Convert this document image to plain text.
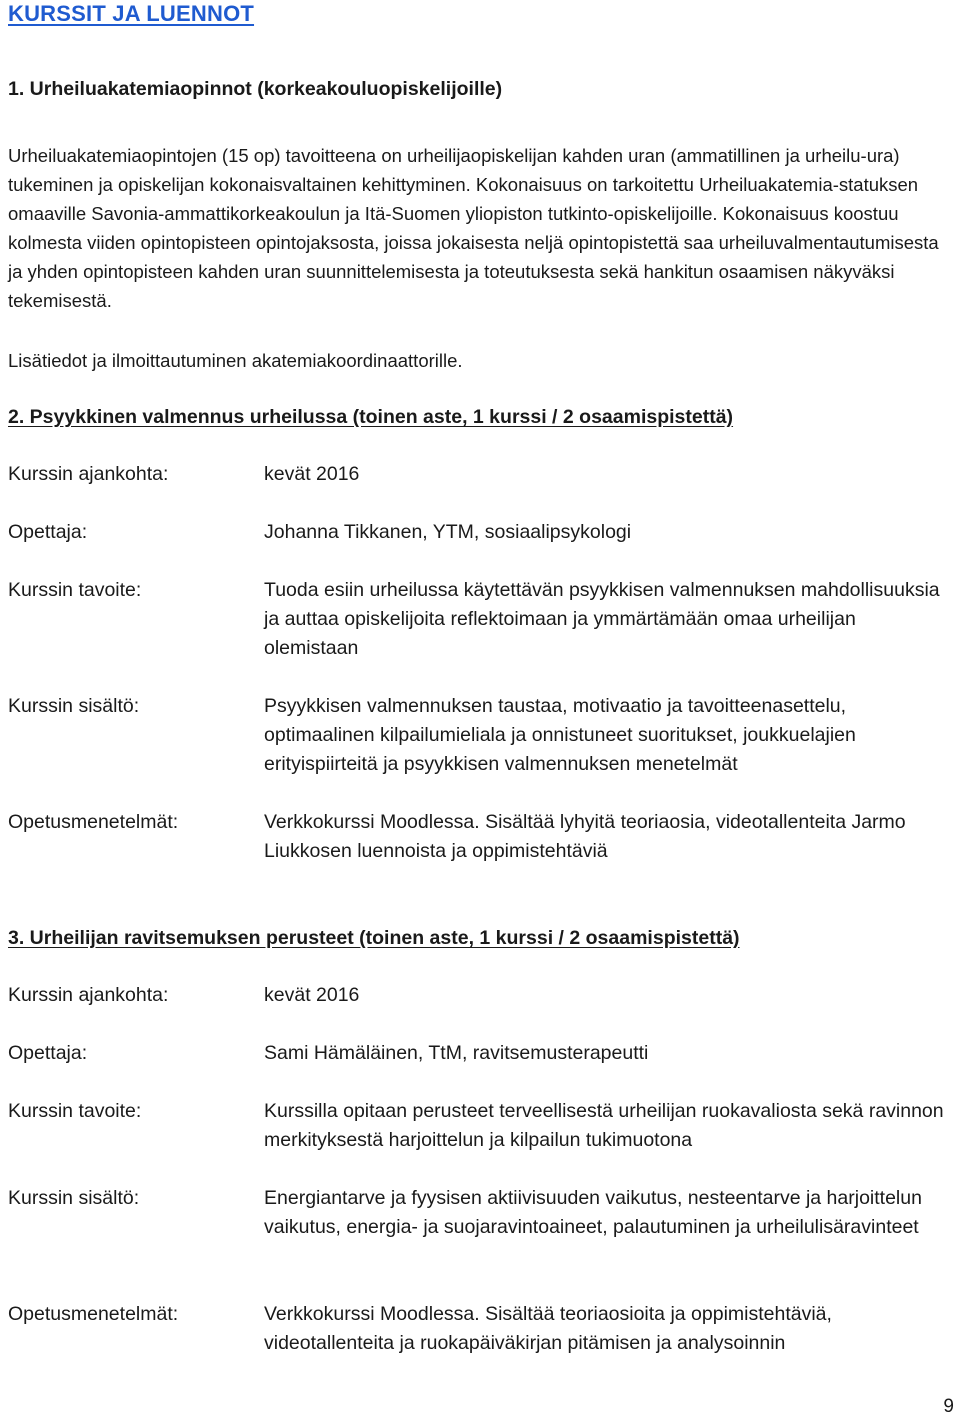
KURSSIT JA LUENNOT
1. Urheiluakatemiaopinnot (korkeakouluopiskelijoille)

Urheiluakatemiaopintojen (15 op) tavoitteena on urheilijaopiskelijan kahden uran (ammatillinen ja urheilu-ura) tukeminen ja opiskelijan kokonaisvaltainen kehittyminen. Kokonaisuus on tarkoitettu Urheiluakatemia-statuksen omaaville Savonia-ammattikorkeakoulun ja Itä-Suomen yliopiston tutkinto-opiskelijoille. Kokonaisuus koostuu kolmesta viiden opintopisteen opintojaksosta, joissa jokaisesta neljä opintopistettä saa urheiluvalmentautumisesta ja yhden opintopisteen kahden uran suunnittelemisesta ja toteutuksesta sekä hankitun osaamisen näkyväksi tekemisestä.

Lisätiedot ja ilmoittautuminen akatemiakoordinaattorille.

2. Psyykkinen valmennus urheilussa (toinen aste, 1 kurssi / 2 osaamispistettä)
Kurssin ajankohta:	kevät 2016
Opettaja:	Johanna Tikkanen, YTM, sosiaalipsykologi
Kurssin tavoite:	Tuoda esiin urheilussa käytettävän psyykkisen valmennuksen mahdollisuuksia ja auttaa opiskelijoita reflektoimaan ja ymmärtämään omaa urheilijan olemistaan
Kurssin sisältö:	Psyykkisen valmennuksen taustaa, motivaatio ja tavoitteenasettelu, optimaalinen kilpailumieliala ja onnistuneet suoritukset, joukkuelajien erityispiirteitä ja psyykkisen valmennuksen menetelmät
Opetusmenetelmät:	Verkkokurssi Moodlessa. Sisältää lyhyitä teoriaosia, videotallenteita Jarmo Liukkosen luennoista ja oppimistehtäviä
3. Urheilijan ravitsemuksen perusteet (toinen aste, 1 kurssi / 2 osaamispistettä)
Kurssin ajankohta:	kevät 2016
Opettaja:	Sami Hämäläinen, TtM, ravitsemusterapeutti
Kurssin tavoite:	Kurssilla opitaan perusteet terveellisestä urheilijan ruokavaliosta sekä ravinnon merkityksestä harjoittelun ja kilpailun tukimuotona
Kurssin sisältö:	Energiantarve ja fyysisen aktiivisuuden vaikutus, nesteentarve ja harjoittelun vaikutus, energia- ja suojaravintoaineet, palautuminen ja urheilulisäravinteet
Opetusmenetelmät:	Verkkokurssi Moodlessa. Sisältää teoriaosioita ja oppimistehtäviä, videotallenteita ja ruokapäiväkirjan pitämisen ja analysoinnin
9
